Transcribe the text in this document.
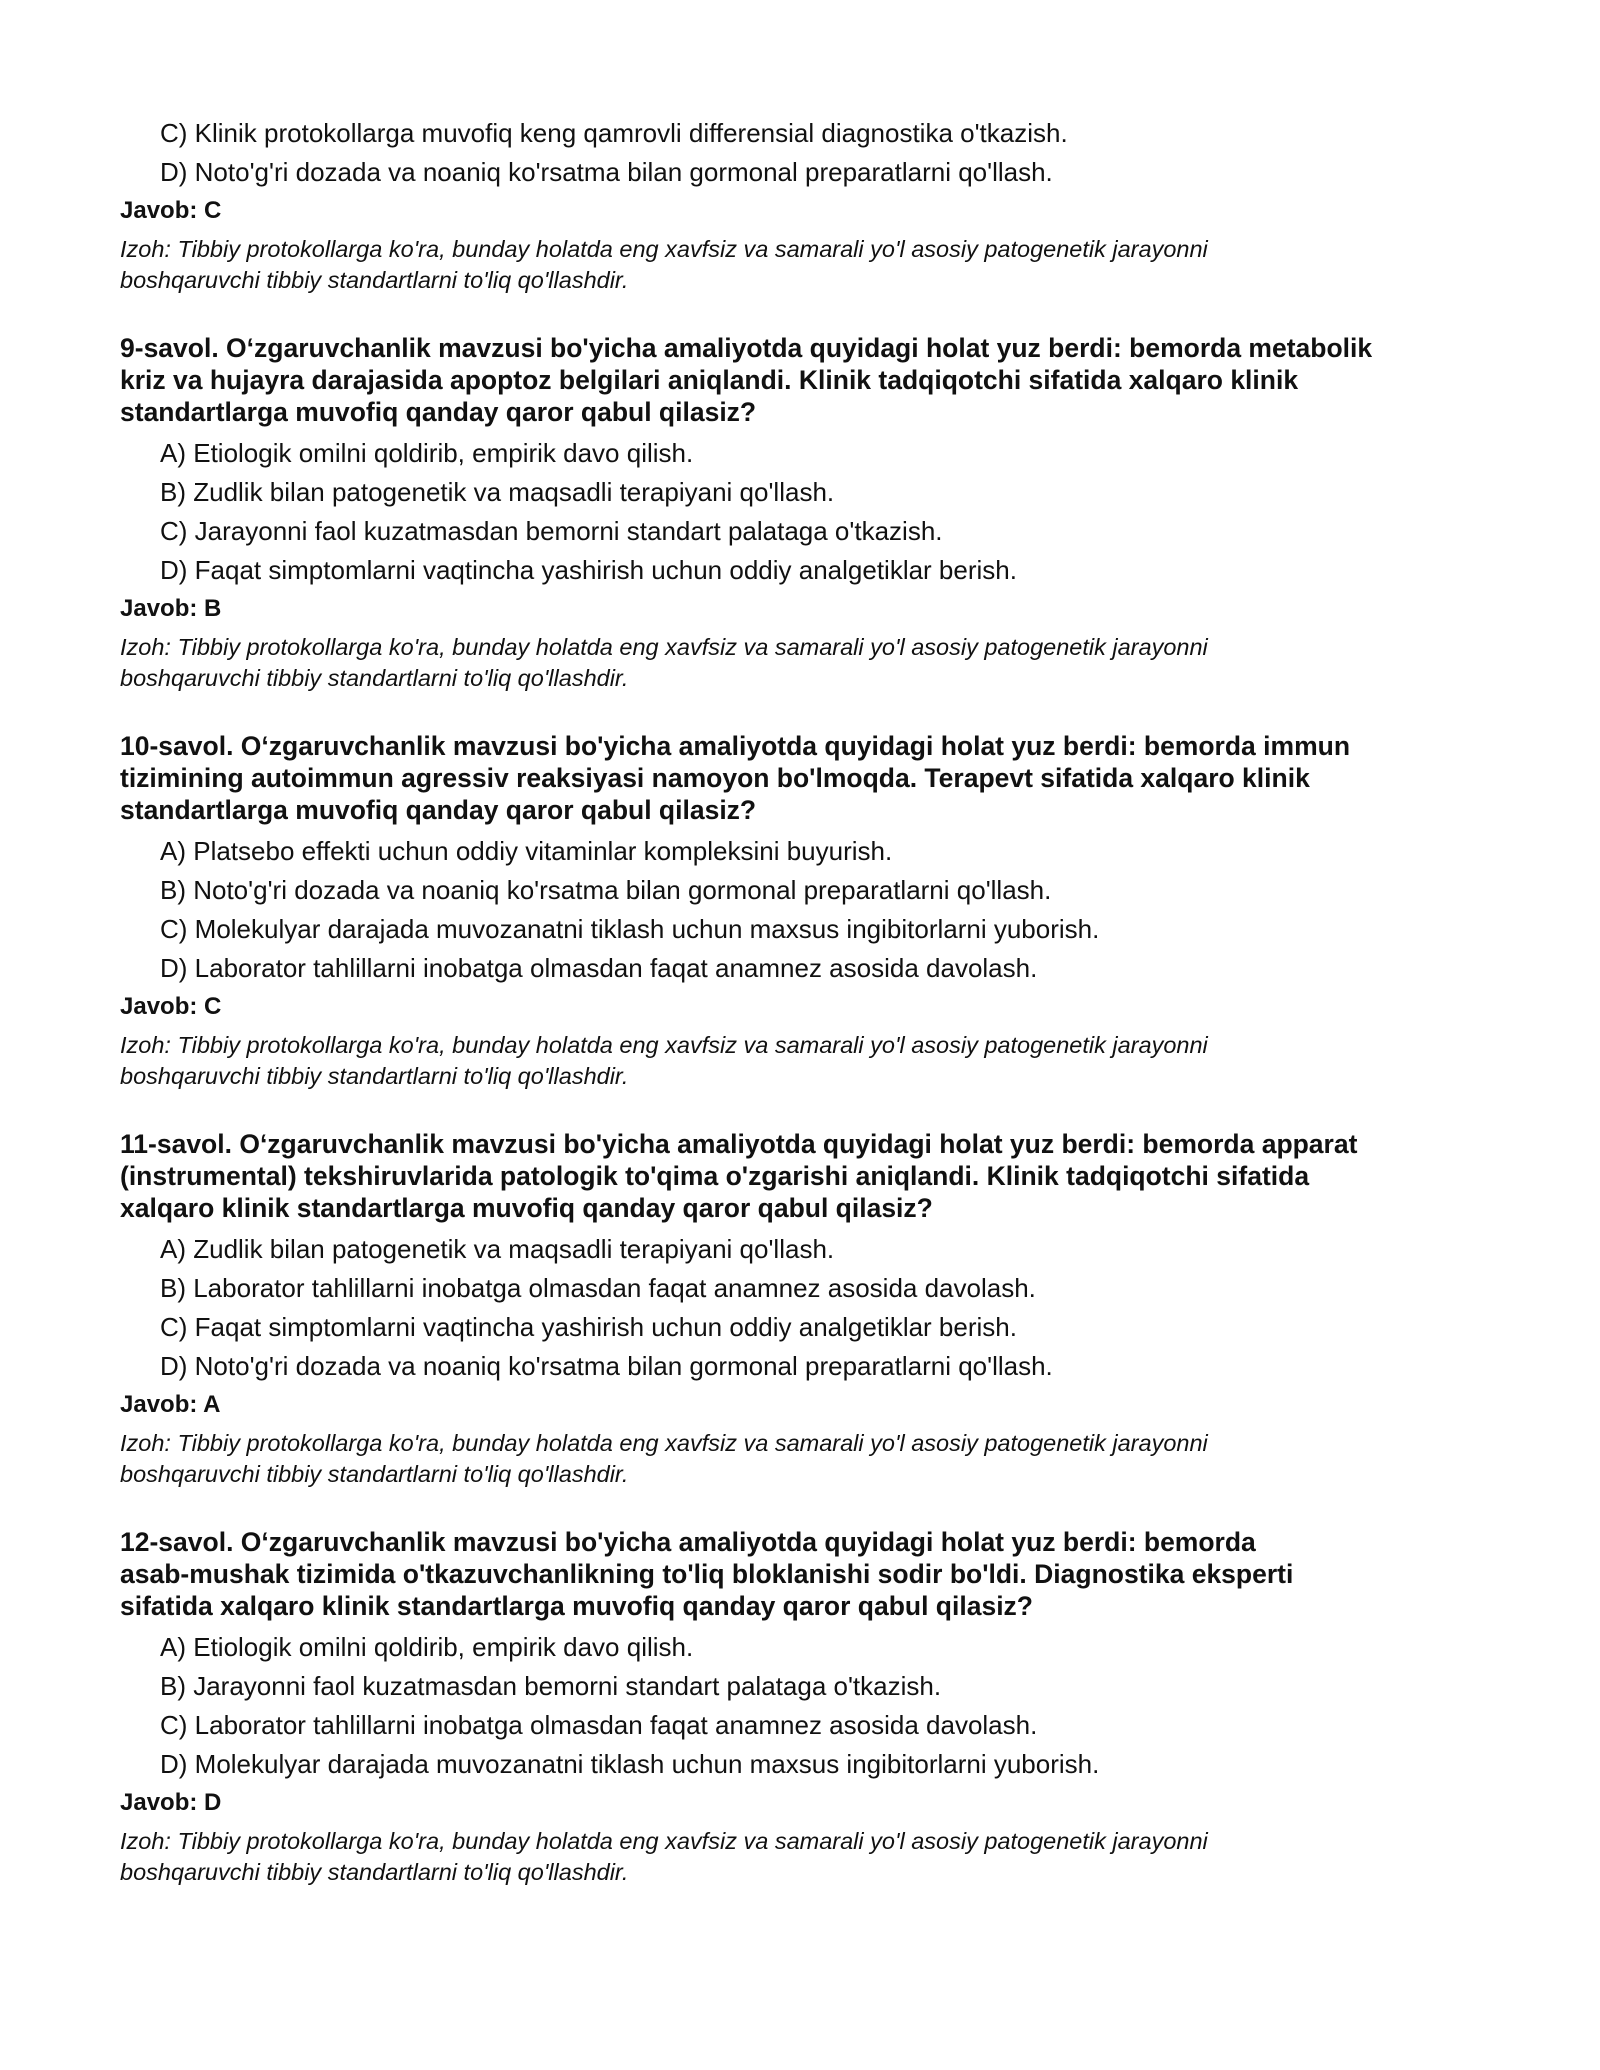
C) Klinik protokollarga muvofiq keng qamrovli differensial diagnostika o'tkazish.
D) Noto'g'ri dozada va noaniq ko'rsatma bilan gormonal preparatlarni qo'llash.
Javob: C
Izoh: Tibbiy protokollarga ko'ra, bunday holatda eng xavfsiz va samarali yo'l asosiy patogenetik jarayonni
boshqaruvchi tibbiy standartlarni to'liq qo'llashdir.
9-savol. O‘zgaruvchanlik mavzusi bo'yicha amaliyotda quyidagi holat yuz berdi: bemorda metabolik
kriz va hujayra darajasida apoptoz belgilari aniqlandi. Klinik tadqiqotchi sifatida xalqaro klinik
standartlarga muvofiq qanday qaror qabul qilasiz?
A) Etiologik omilni qoldirib, empirik davo qilish.
B) Zudlik bilan patogenetik va maqsadli terapiyani qo'llash.
C) Jarayonni faol kuzatmasdan bemorni standart palataga o'tkazish.
D) Faqat simptomlarni vaqtincha yashirish uchun oddiy analgetiklar berish.
Javob: B
Izoh: Tibbiy protokollarga ko'ra, bunday holatda eng xavfsiz va samarali yo'l asosiy patogenetik jarayonni
boshqaruvchi tibbiy standartlarni to'liq qo'llashdir.
10-savol. O‘zgaruvchanlik mavzusi bo'yicha amaliyotda quyidagi holat yuz berdi: bemorda immun
tizimining autoimmun agressiv reaksiyasi namoyon bo'lmoqda. Terapevt sifatida xalqaro klinik
standartlarga muvofiq qanday qaror qabul qilasiz?
A) Platsebo effekti uchun oddiy vitaminlar kompleksini buyurish.
B) Noto'g'ri dozada va noaniq ko'rsatma bilan gormonal preparatlarni qo'llash.
C) Molekulyar darajada muvozanatni tiklash uchun maxsus ingibitorlarni yuborish.
D) Laborator tahlillarni inobatga olmasdan faqat anamnez asosida davolash.
Javob: C
Izoh: Tibbiy protokollarga ko'ra, bunday holatda eng xavfsiz va samarali yo'l asosiy patogenetik jarayonni
boshqaruvchi tibbiy standartlarni to'liq qo'llashdir.
11-savol. O‘zgaruvchanlik mavzusi bo'yicha amaliyotda quyidagi holat yuz berdi: bemorda apparat
(instrumental) tekshiruvlarida patologik to'qima o'zgarishi aniqlandi. Klinik tadqiqotchi sifatida
xalqaro klinik standartlarga muvofiq qanday qaror qabul qilasiz?
A) Zudlik bilan patogenetik va maqsadli terapiyani qo'llash.
B) Laborator tahlillarni inobatga olmasdan faqat anamnez asosida davolash.
C) Faqat simptomlarni vaqtincha yashirish uchun oddiy analgetiklar berish.
D) Noto'g'ri dozada va noaniq ko'rsatma bilan gormonal preparatlarni qo'llash.
Javob: A
Izoh: Tibbiy protokollarga ko'ra, bunday holatda eng xavfsiz va samarali yo'l asosiy patogenetik jarayonni
boshqaruvchi tibbiy standartlarni to'liq qo'llashdir.
12-savol. O‘zgaruvchanlik mavzusi bo'yicha amaliyotda quyidagi holat yuz berdi: bemorda
asab-mushak tizimida o'tkazuvchanlikning to'liq bloklanishi sodir bo'ldi. Diagnostika eksperti
sifatida xalqaro klinik standartlarga muvofiq qanday qaror qabul qilasiz?
A) Etiologik omilni qoldirib, empirik davo qilish.
B) Jarayonni faol kuzatmasdan bemorni standart palataga o'tkazish.
C) Laborator tahlillarni inobatga olmasdan faqat anamnez asosida davolash.
D) Molekulyar darajada muvozanatni tiklash uchun maxsus ingibitorlarni yuborish.
Javob: D
Izoh: Tibbiy protokollarga ko'ra, bunday holatda eng xavfsiz va samarali yo'l asosiy patogenetik jarayonni
boshqaruvchi tibbiy standartlarni to'liq qo'llashdir.
